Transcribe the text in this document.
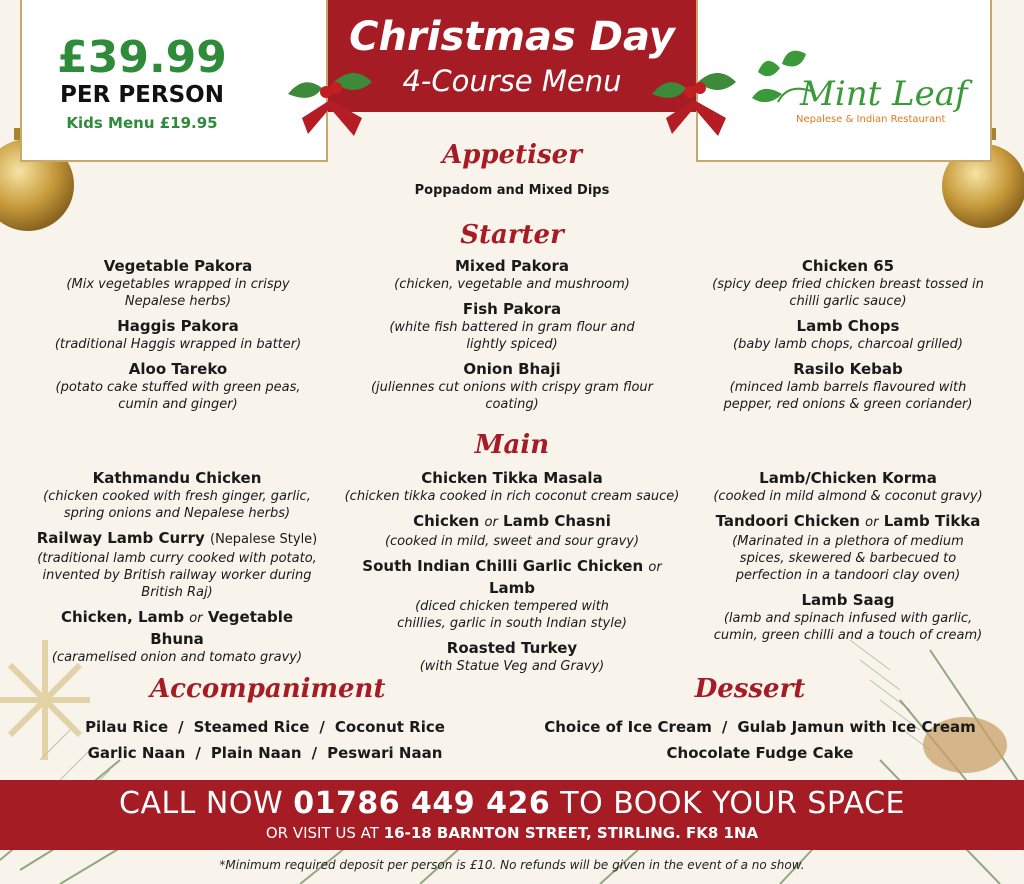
£39.99
PER PERSON
Kids Menu £19.95
Christmas Day
4-Course Menu	Mint Leaf
Nepalese & Indian Restaurant
Appetiser
Poppadom and Mixed Dips
Starter
Vegetable Pakora
(Mix vegetables wrapped in crispy Nepalese herbs)
Haggis Pakora
(traditional Haggis wrapped in batter)
Aloo Tareko
(potato cake stuffed with green peas, cumin and ginger)
Mixed Pakora
(chicken, vegetable and mushroom)
Fish Pakora
(white fish battered in gram flour and lightly spiced)
Onion Bhaji
(juliennes cut onions with crispy gram flour coating)
Chicken 65
(spicy deep fried chicken breast tossed in chilli garlic sauce)
Lamb Chops
(baby lamb chops, charcoal grilled)
Rasilo Kebab
(minced lamb barrels flavoured with pepper, red onions & green coriander)
Main
Kathmandu Chicken
(chicken cooked with fresh ginger, garlic, spring onions and Nepalese herbs)
Railway Lamb Curry (Nepalese Style)
(traditional lamb curry cooked with potato, invented by British railway worker during British Raj)
Chicken, Lamb or Vegetable Bhuna
(caramelised onion and tomato gravy)
Chicken Tikka Masala
(chicken tikka cooked in rich coconut cream sauce)
Chicken or Lamb Chasni
(cooked in mild, sweet and sour gravy)
South Indian Chilli Garlic Chicken or Lamb
(diced chicken tempered with chillies, garlic in south Indian style)
Roasted Turkey
(with Statue Veg and Gravy)
Lamb/Chicken Korma
(cooked in mild almond & coconut gravy)
Tandoori Chicken or Lamb Tikka
(Marinated in a plethora of medium spices, skewered & barbecued to perfection in a tandoori clay oven)
Lamb Saag
(lamb and spinach infused with garlic, cumin, green chilli and a touch of cream)
Accompaniment
Pilau Rice / Steamed Rice / Coconut Rice
Garlic Naan / Plain Naan / Peswari Naan
Dessert
Choice of Ice Cream / Gulab Jamun with Ice Cream
Chocolate Fudge Cake
CALL NOW 01786 449 426 TO BOOK YOUR SPACE
OR VISIT US AT 16-18 BARNTON STREET, STIRLING. FK8 1NA
*Minimum required deposit per person is £10. No refunds will be given in the event of a no show.
